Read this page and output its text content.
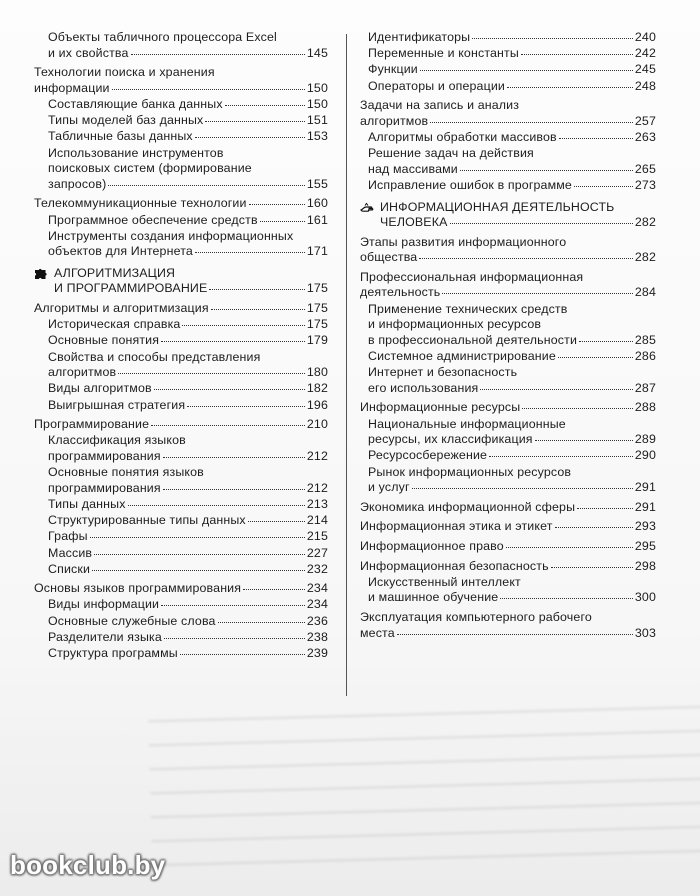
Объекты табличного процессора Excel
и их свойства	145
Технологии поиска и хранения
информации	150
Составляющие банка данных	150
Типы моделей баз данных	151
Табличные базы данных	153
Использование инструментов
поисковых систем (формирование
запросов)	155
Телекоммуникационные технологии	160
Программное обеспечение средств	161
Инструменты создания информационных
объектов для Интернета	171
АЛГОРИТМИЗАЦИЯ
И ПРОГРАММИРОВАНИЕ	175
Алгоритмы и алгоритмизация	175
Историческая справка	175
Основные понятия	179
Свойства и способы представления
алгоритмов	180
Виды алгоритмов	182
Выигрышная стратегия	196
Программирование	210
Классификация языков
программирования	212
Основные понятия языков
программирования	212
Типы данных	213
Структурированные типы данных	214
Графы	215
Массив	227
Списки	232
Основы языков программирования	234
Виды информации	234
Основные служебные слова	236
Разделители языка	238
Структура программы	239
Идентификаторы	240
Переменные и константы	242
Функции	245
Операторы и операции	248
Задачи на запись и анализ
алгоритмов	257
Алгоритмы обработки массивов	263
Решение задач на действия
над массивами	265
Исправление ошибок в программе	273
ИНФОРМАЦИОННАЯ ДЕЯТЕЛЬНОСТЬ
ЧЕЛОВЕКА	282
Этапы развития информационного
общества	282
Профессиональная информационная
деятельность	284
Применение технических средств
и информационных ресурсов
в профессиональной деятельности	285
Системное администрирование	286
Интернет и безопасность
его использования	287
Информационные ресурсы	288
Национальные информационные
ресурсы, их классификация	289
Ресурсосбережение	290
Рынок информационных ресурсов
и услуг	291
Экономика информационной сферы	291
Информационная этика и этикет	293
Информационное право	295
Информационная безопасность	298
Искусственный интеллект
и машинное обучение	300
Эксплуатация компьютерного рабочего
места	303
bookclub.by
